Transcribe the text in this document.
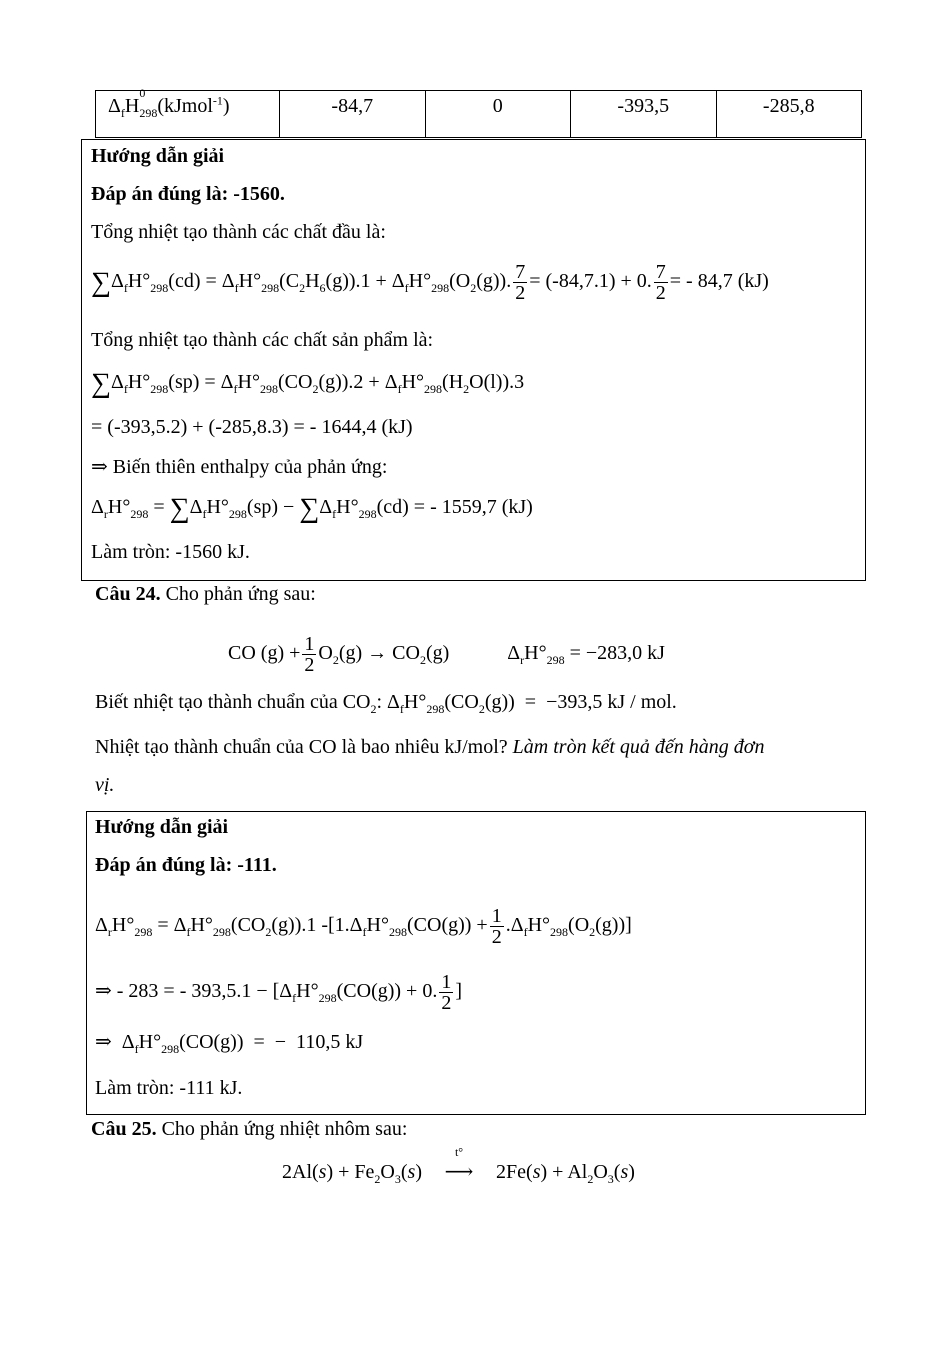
$\Delta_fH$
0
$_{298}$(kJmol$^{-1}$)	-84,7	0	-393,5	-285,8
Hướng dẫn giải
Đáp án đúng là: -1560.
Tổng nhiệt tạo thành các chất đầu là:
$\sum\Delta_fH^\circ_{298}(cd) = \Delta_fH^\circ_{298}(C_2H_6(g)).1 + \Delta_fH^\circ_{298}(O_2(g))$. $\frac{7}{2} = (-84,7.1) + 0$. $\frac{7}{2}$ = - 84,7 (kJ)
Tổng nhiệt tạo thành các chất sản phẩm là:
$\sum\Delta_fH^\circ_{298}(sp) = \Delta_fH^\circ_{298}(CO_2(g)).2 + \Delta_fH^\circ_{298}(H_2O(l)).3$
= (-393,5.2) + (-285,8.3) = - 1644,4 (kJ)
⇒ Biến thiên enthalpy của phản ứng:
$\Delta_rH^\circ_{298} = \sum\Delta_fH^\circ_{298}(sp) - \sum\Delta_fH^\circ_{298}(cd)$ = - 1559,7 (kJ)
Làm tròn: -1560 kJ.
Câu 24. Cho phản ứng sau:
CO $(g) + \frac{1}{2} O_2(g) \to CO_2(g) \Delta_rH^\circ_{298} = -283,0$ kJ
Biết nhiệt tạo thành chuẩn của $CO_2$: $\Delta_fH^\circ_{298}(CO_2(g)) = -393,5$ kJ / mol.
Nhiệt tạo thành chuẩn của CO là bao nhiêu kJ/mol? Làm tròn kết quả đến hàng đơn
vị.
Hướng dẫn giải
Đáp án đúng là: -111.
$\Delta_rH^\circ_{298} = \Delta_fH^\circ_{298}(CO_2(g)).1$ $-[1.\Delta_fH^\circ_{298}(CO(g)) + \frac{1}{2} .\Delta_fH^\circ_{298}(O_2(g))]$
⇒ - 283 = - $393,5.1 - [\Delta_fH^\circ_{298}(CO(g)) + 0$. $\frac{1}{2}$ ]
⇒  $\Delta_fH^\circ_{298}(CO(g))$  =  −  110,5 kJ
Làm tròn: -111 kJ.
Câu 25. Cho phản ứng nhiệt nhôm sau:
$2Al(s) + Fe_2O_3(s)$
t°
⟶ $2Fe(s) + Al_2O_3(s)$
